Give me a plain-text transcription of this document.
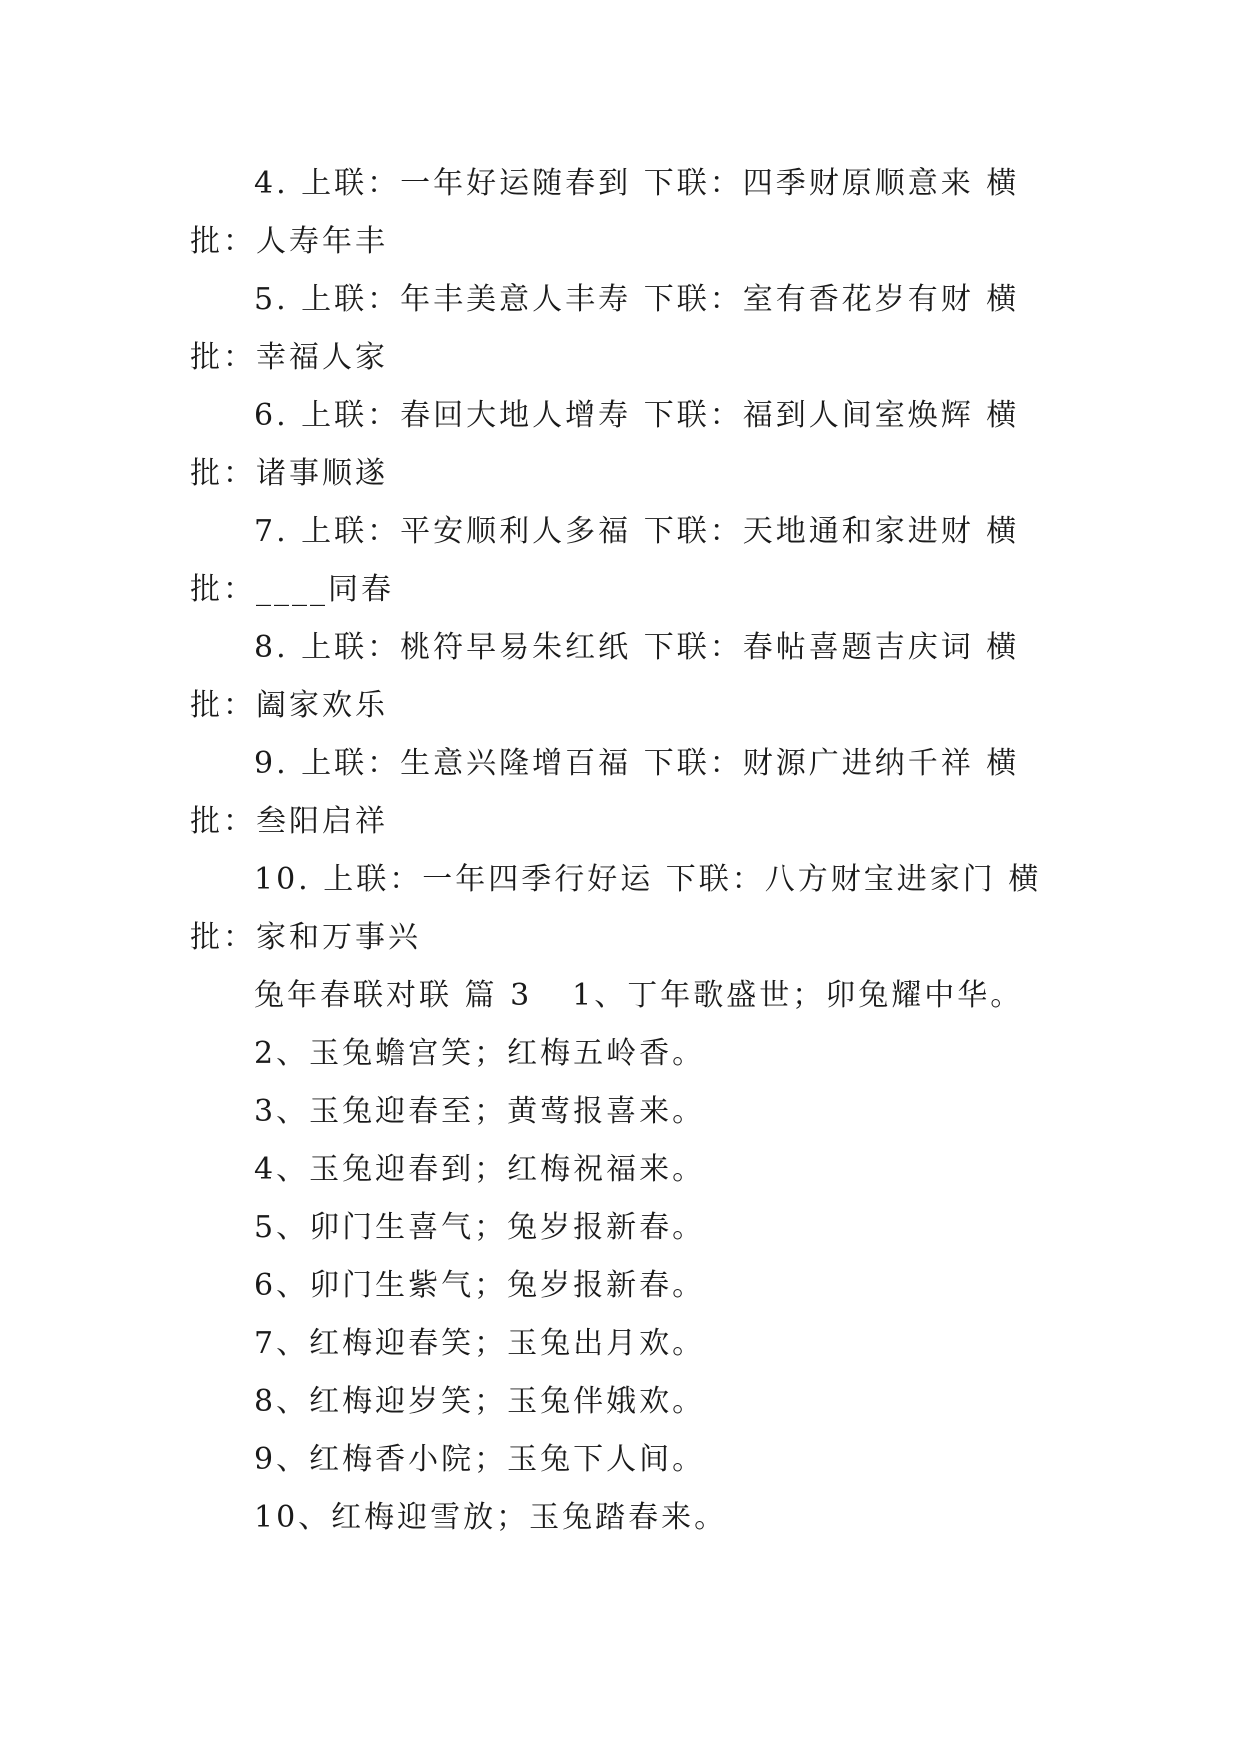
4. 上联：一年好运随春到 下联：四季财原顺意来 横

批：人寿年丰

5. 上联：年丰美意人丰寿 下联：室有香花岁有财 横

批：幸福人家

6. 上联：春回大地人增寿 下联：福到人间室焕辉 横

批：诸事顺遂

7. 上联：平安顺利人多福 下联：天地通和家进财 横

批：____同春

8. 上联：桃符早易朱红纸 下联：春帖喜题吉庆词 横

批：阖家欢乐

9. 上联：生意兴隆增百福 下联：财源广进纳千祥 横

批：叁阳启祥

10. 上联：一年四季行好运 下联：八方财宝进家门 横

批：家和万事兴

兔年春联对联 篇 3 1、丁年歌盛世；卯兔耀中华。

2、玉兔蟾宫笑；红梅五岭香。

3、玉兔迎春至；黄莺报喜来。

4、玉兔迎春到；红梅祝福来。

5、卯门生喜气；兔岁报新春。

6、卯门生紫气；兔岁报新春。

7、红梅迎春笑；玉兔出月欢。

8、红梅迎岁笑；玉兔伴娥欢。

9、红梅香小院；玉兔下人间。

10、红梅迎雪放；玉兔踏春来。
